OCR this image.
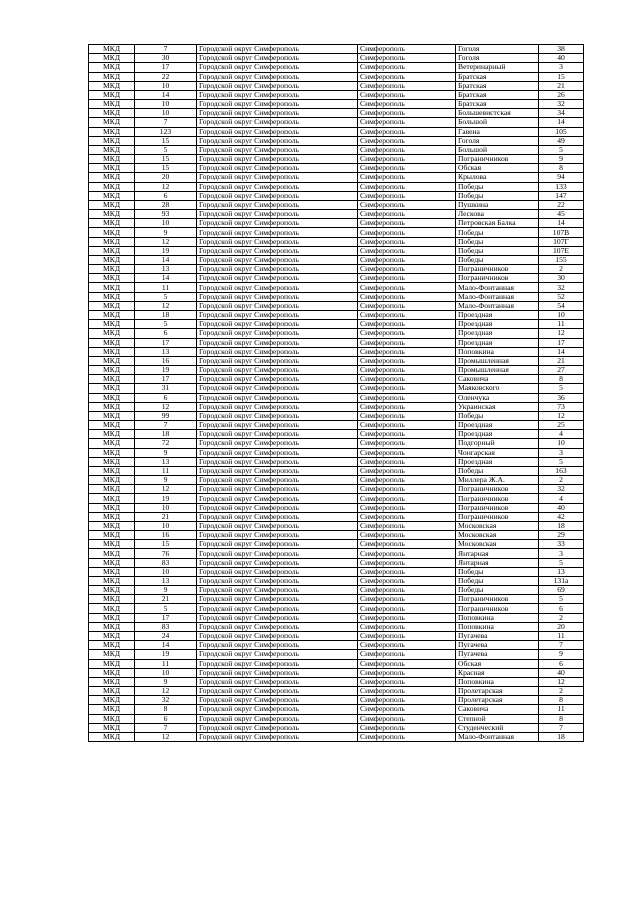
МКД	7	Городской округ Симферополь	Симферополь	Гоголя	38
МКД	30	Городской округ Симферополь	Симферополь	Гоголя	40
МКД	17	Городской округ Симферополь	Симферополь	Ветеринарный	3
МКД	22	Городской округ Симферополь	Симферополь	Братская	15
МКД	10	Городской округ Симферополь	Симферополь	Братская	21
МКД	14	Городской округ Симферополь	Симферополь	Братская	26
МКД	10	Городской округ Симферополь	Симферополь	Братская	32
МКД	10	Городской округ Симферополь	Симферополь	Большевистская	34
МКД	7	Городской округ Симферополь	Симферополь	Большой	14
МКД	123	Городской округ Симферополь	Симферополь	Гавена	105
МКД	15	Городской округ Симферополь	Симферополь	Гоголя	49
МКД	5	Городской округ Симферополь	Симферополь	Большой	5
МКД	15	Городской округ Симферополь	Симферополь	Пограничников	9
МКД	15	Городской округ Симферополь	Симферополь	Обская	8
МКД	20	Городской округ Симферополь	Симферополь	Крылова	94
МКД	12	Городской округ Симферополь	Симферополь	Победы	133
МКД	6	Городской округ Симферополь	Симферополь	Победы	147
МКД	28	Городской округ Симферополь	Симферополь	Пушкина	22
МКД	93	Городской округ Симферополь	Симферополь	Лескова	45
МКД	10	Городской округ Симферополь	Симферополь	Петровская Балка	14
МКД	9	Городской округ Симферополь	Симферополь	Победы	107В
МКД	12	Городской округ Симферополь	Симферополь	Победы	107Г
МКД	19	Городской округ Симферополь	Симферополь	Победы	107Е
МКД	14	Городской округ Симферополь	Симферополь	Победы	155
МКД	13	Городской округ Симферополь	Симферополь	Пограничников	2
МКД	14	Городской округ Симферополь	Симферополь	Пограничников	30
МКД	11	Городской округ Симферополь	Симферополь	Мало-Фонтанная	32
МКД	5	Городской округ Симферополь	Симферополь	Мало-Фонтанная	52
МКД	12	Городской округ Симферополь	Симферополь	Мало-Фонтанная	54
МКД	18	Городской округ Симферополь	Симферополь	Проездная	10
МКД	5	Городской округ Симферополь	Симферополь	Проездная	11
МКД	6	Городской округ Симферополь	Симферополь	Проездная	12
МКД	17	Городской округ Симферополь	Симферополь	Проездная	17
МКД	13	Городской округ Симферополь	Симферополь	Поповкина	14
МКД	16	Городской округ Симферополь	Симферополь	Промышленная	21
МКД	19	Городской округ Симферополь	Симферополь	Промышленная	27
МКД	17	Городской округ Симферополь	Симферополь	Саковича	8
МКД	31	Городской округ Симферополь	Симферополь	Маяковского	5
МКД	6	Городской округ Симферополь	Симферополь	Оленчука	36
МКД	12	Городской округ Симферополь	Симферополь	Украинская	73
МКД	99	Городской округ Симферополь	Симферополь	Победы	12
МКД	7	Городской округ Симферополь	Симферополь	Проездная	25
МКД	18	Городской округ Симферополь	Симферополь	Проездная	4
МКД	72	Городской округ Симферополь	Симферополь	Подгорный	10
МКД	9	Городской округ Симферополь	Симферополь	Чонгарская	3
МКД	13	Городской округ Симферополь	Симферополь	Проездная	5
МКД	11	Городской округ Симферополь	Симферополь	Победы	163
МКД	9	Городской округ Симферополь	Симферополь	Миллера Ж.А.	2
МКД	12	Городской округ Симферополь	Симферополь	Пограничников	32
МКД	19	Городской округ Симферополь	Симферополь	Пограничников	4
МКД	10	Городской округ Симферополь	Симферополь	Пограничников	40
МКД	21	Городской округ Симферополь	Симферополь	Пограничников	42
МКД	10	Городской округ Симферополь	Симферополь	Московская	18
МКД	16	Городской округ Симферополь	Симферополь	Московская	29
МКД	15	Городской округ Симферополь	Симферополь	Московская	33
МКД	76	Городской округ Симферополь	Симферополь	Янтарная	3
МКД	83	Городской округ Симферополь	Симферополь	Янтарная	5
МКД	10	Городской округ Симферополь	Симферополь	Победы	13
МКД	13	Городской округ Симферополь	Симферополь	Победы	131а
МКД	9	Городской округ Симферополь	Симферополь	Победы	69
МКД	21	Городской округ Симферополь	Симферополь	Пограничников	5
МКД	5	Городской округ Симферополь	Симферополь	Пограничников	6
МКД	17	Городской округ Симферополь	Симферополь	Поповкина	2
МКД	83	Городской округ Симферополь	Симферополь	Поповкина	20
МКД	24	Городской округ Симферополь	Симферополь	Пугачева	11
МКД	14	Городской округ Симферополь	Симферополь	Пугачева	7
МКД	19	Городской округ Симферополь	Симферополь	Пугачева	9
МКД	11	Городской округ Симферополь	Симферополь	Обская	6
МКД	10	Городской округ Симферополь	Симферополь	Красная	40
МКД	9	Городской округ Симферополь	Симферополь	Поповкина	12
МКД	12	Городской округ Симферополь	Симферополь	Пролетарская	2
МКД	32	Городской округ Симферополь	Симферополь	Пролетарская	8
МКД	8	Городской округ Симферополь	Симферополь	Саковича	11
МКД	6	Городской округ Симферополь	Симферополь	Степной	8
МКД	7	Городской округ Симферополь	Симферополь	Студенческий	7
МКД	12	Городской округ Симферополь	Симферополь	Мало-Фонтанная	18
